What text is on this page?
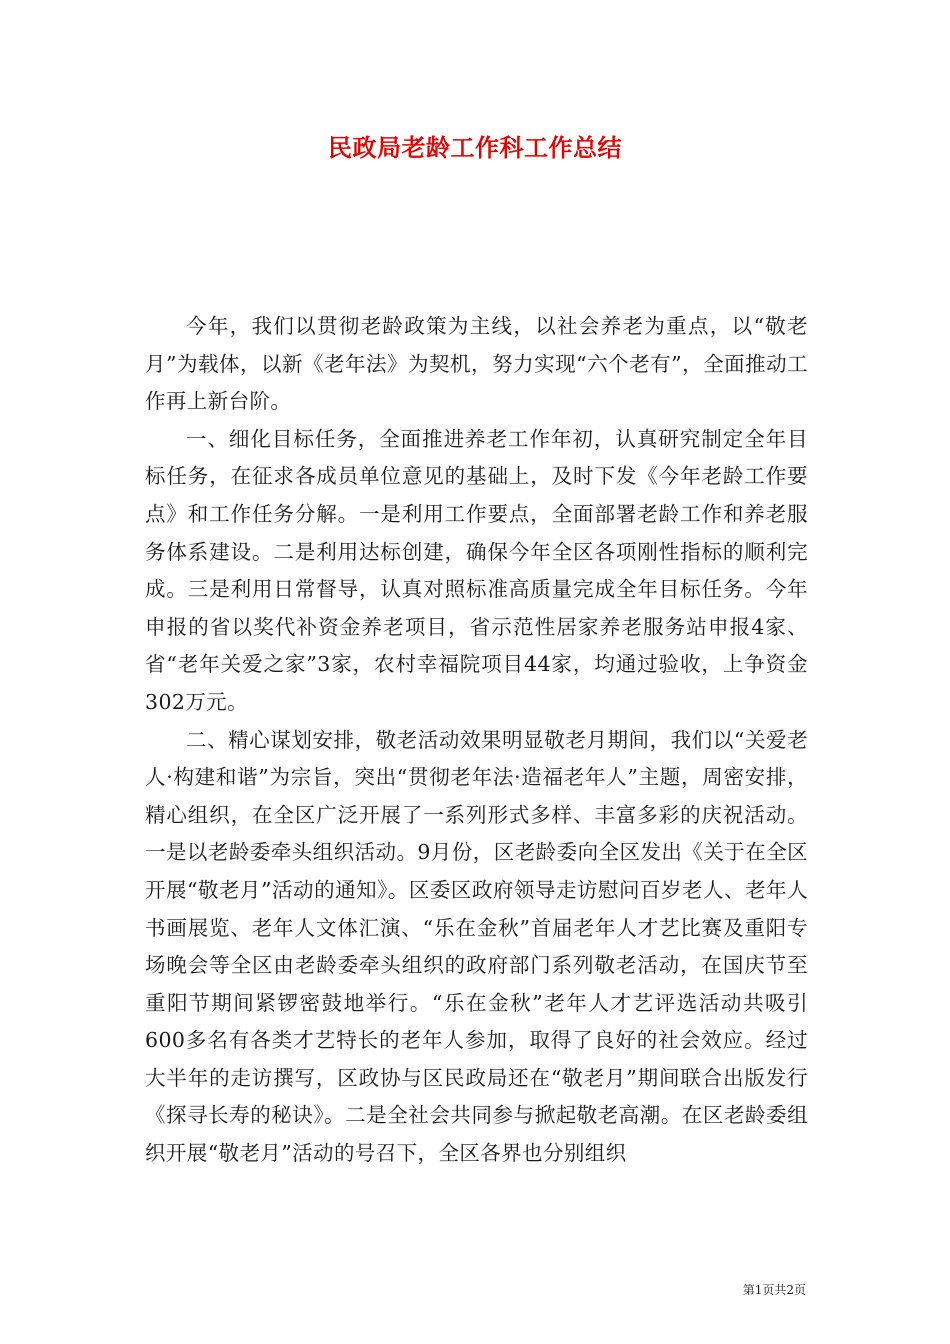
民政局老龄工作科工作总结

今年，我们以贯彻老龄政策为主线，以社会养老为重点，以“敬老月”为载体，以新《老年法》为契机，努力实现“六个老有”，全面推动工作再上新台阶。

一、细化目标任务，全面推进养老工作年初，认真研究制定全年目标任务，在征求各成员单位意见的基础上，及时下发《今年老龄工作要点》和工作任务分解。一是利用工作要点，全面部署老龄工作和养老服务体系建设。二是利用达标创建，确保今年全区各项刚性指标的顺利完成。三是利用日常督导，认真对照标准高质量完成全年目标任务。今年申报的省以奖代补资金养老项目，省示范性居家养老服务站申报4家、省“老年关爱之家”3家，农村幸福院项目44家，均通过验收，上争资金302万元。

二、精心谋划安排，敬老活动效果明显敬老月期间，我们以“关爱老人·构建和谐”为宗旨，突出“贯彻老年法·造福老年人”主题，周密安排，精心组织，在全区广泛开展了一系列形式多样、丰富多彩的庆祝活动。一是以老龄委牵头组织活动。9月份，区老龄委向全区发出《关于在全区开展“敬老月”活动的通知》。区委区政府领导走访慰问百岁老人、老年人书画展览、老年人文体汇演、“乐在金秋”首届老年人才艺比赛及重阳专场晚会等全区由老龄委牵头组织的政府部门系列敬老活动，在国庆节至重阳节期间紧锣密鼓地举行。“乐在金秋”老年人才艺评选活动共吸引600多名有各类才艺特长的老年人参加，取得了良好的社会效应。经过大半年的走访撰写，区政协与区民政局还在“敬老月”期间联合出版发行《探寻长寿的秘诀》。二是全社会共同参与掀起敬老高潮。在区老龄委组织开展“敬老月”活动的号召下，全区各界也分别组织

第1页共2页
